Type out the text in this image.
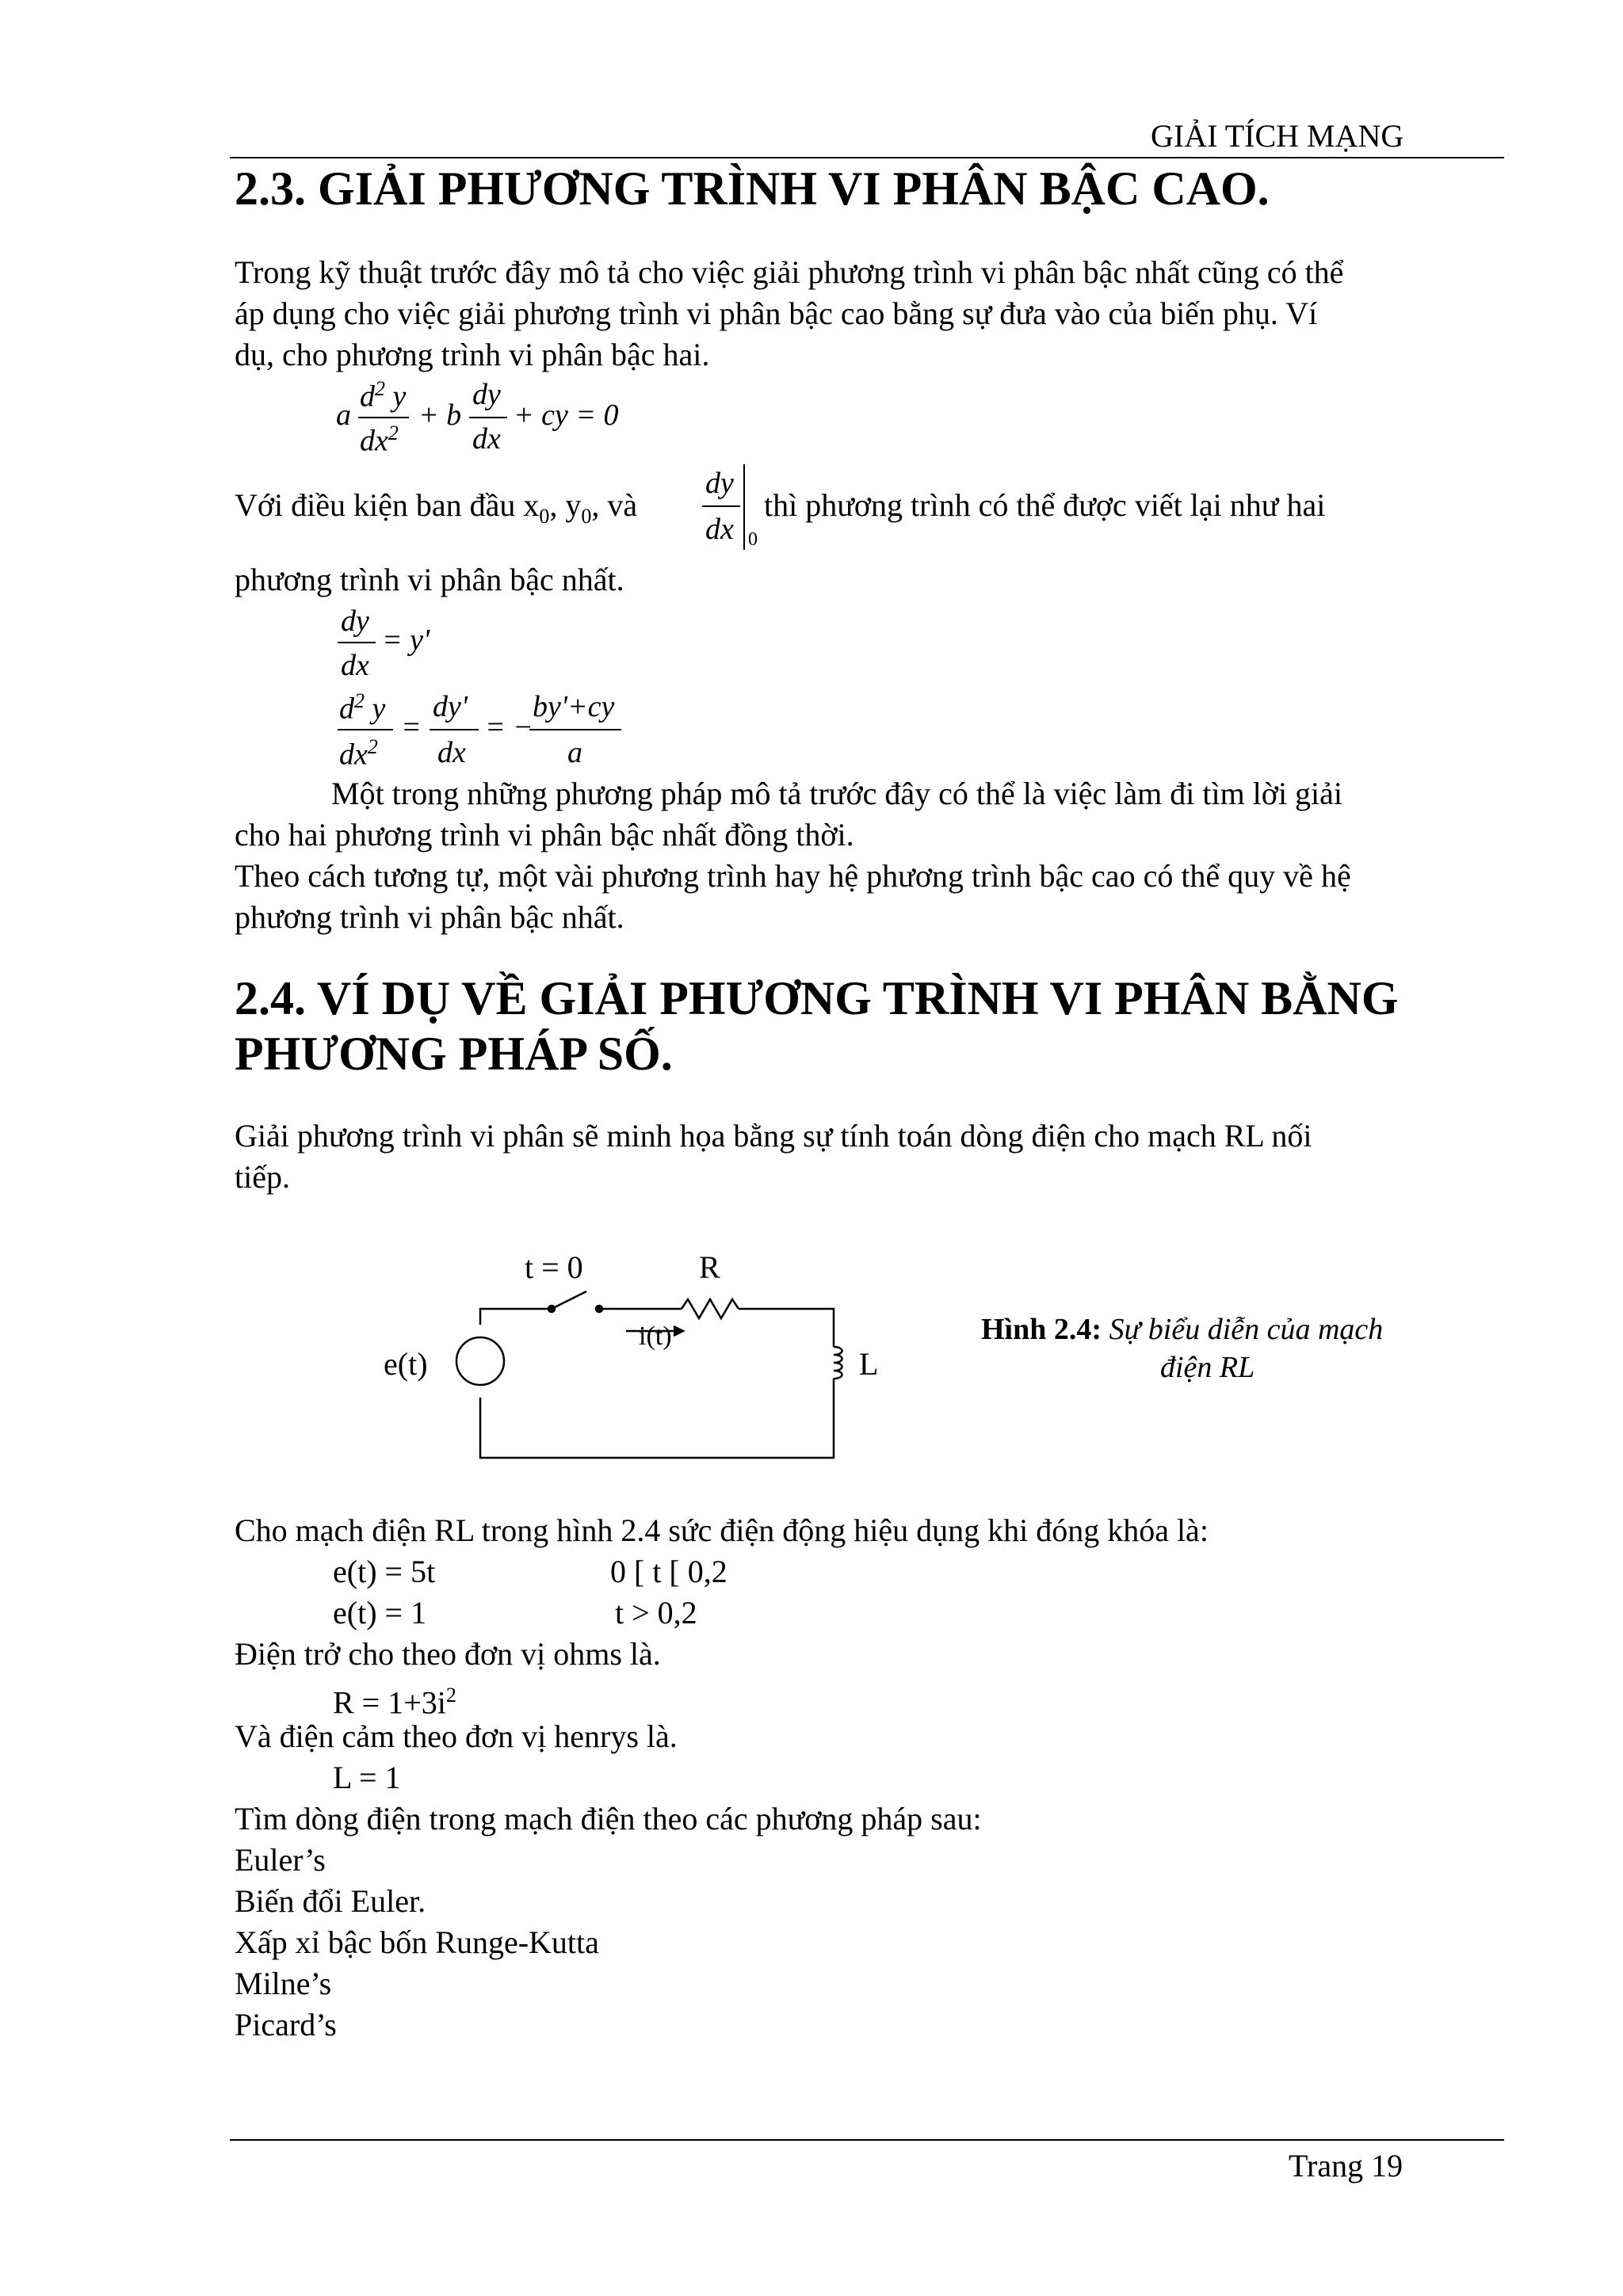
GIẢI TÍCH MẠNG
2.3. GIẢI PHƯƠNG TRÌNH VI PHÂN BẬC CAO.
Trong kỹ thuật trước đây mô tả cho việc giải phương trình vi phân bậc nhất cũng có thể
áp dụng cho việc giải phương trình vi phân bậc cao bằng sự đưa vào của biến phụ. Ví
dụ, cho phương trình vi phân bậc hai.
a
$d^2$ y
$dx^2$
+ b
dy
dx
+ cy = 0
Với điều kiện ban đầu $x_0$, $y_0$, và
dy
dx 0
thì phương trình có thể được viết lại như hai
phương trình vi phân bậc nhất.
dy
dx
= y'
$d^2$ y
$dx^2$
=
dy'
dx
= −
by'+cy
a
Một trong những phương pháp mô tả trước đây có thể là việc làm đi tìm lời giải
cho hai phương trình vi phân bậc nhất đồng thời.
Theo cách tương tự, một vài phương trình hay hệ phương trình bậc cao có thể quy về hệ
phương trình vi phân bậc nhất.
2.4. VÍ DỤ VỀ GIẢI PHƯƠNG TRÌNH VI PHÂN BẰNG
PHƯƠNG PHÁP SỐ.
Giải phương trình vi phân sẽ minh họa bằng sự tính toán dòng điện cho mạch RL nối
tiếp.
t = 0	R
i(t)
e(t)	L
Hình 2.4: Sự biểu diễn của mạch
điện RL
Cho mạch điện RL trong hình 2.4 sức điện động hiệu dụng khi đóng khóa là:
e(t) = 5t	0 [ t [ 0,2
e(t) = 1	t > 0,2
Điện trở cho theo đơn vị ohms là.
$R = 1+3i^2$
Và điện cảm theo đơn vị henrys là.
L = 1
Tìm dòng điện trong mạch điện theo các phương pháp sau:
Euler’s
Biến đổi Euler.
Xấp xỉ bậc bốn Runge-Kutta
Milne’s
Picard’s
Trang 19
